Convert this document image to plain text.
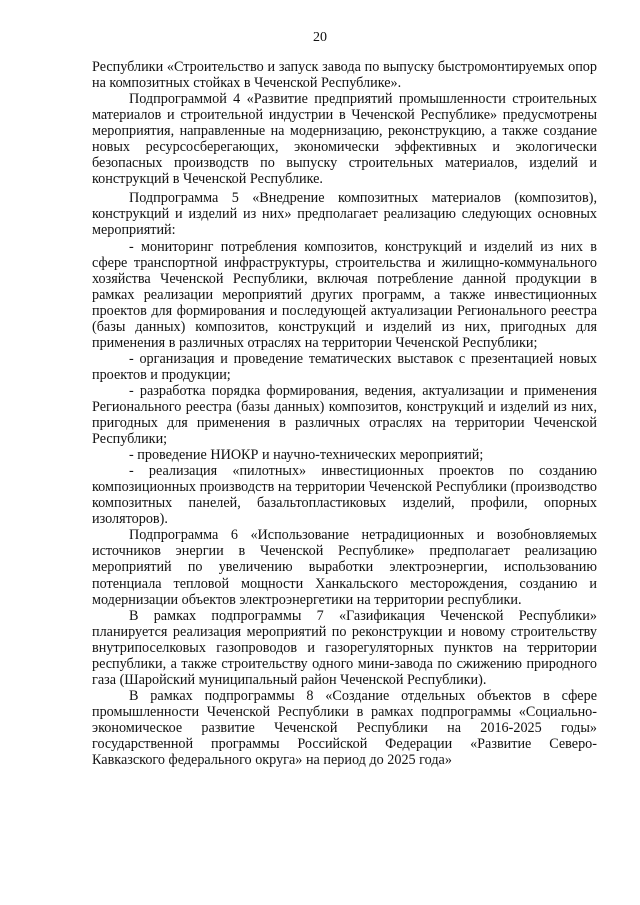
20

Республики «Строительство и запуск завода по выпуску быстромонтируемых опор на композитных стойках в Чеченской Республике».

Подпрограммой 4 «Развитие предприятий промышленности строительных материалов и строительной индустрии в Чеченской Республике» предусмотрены мероприятия, направленные на модернизацию, реконструкцию, а также создание новых ресурсосберегающих, экономически эффективных и экологически безопасных производств по выпуску строительных материалов, изделий и конструкций в Чеченской Республике.

Подпрограмма 5 «Внедрение композитных материалов (композитов), конструкций и изделий из них» предполагает реализацию следующих основных мероприятий:

- мониторинг потребления композитов, конструкций и изделий из них в сфере транспортной инфраструктуры, строительства и жилищно-коммунального хозяйства Чеченской Республики, включая потребление данной продукции в рамках реализации мероприятий других программ, а также инвестиционных проектов для формирования и последующей актуализации Регионального реестра (базы данных) композитов, конструкций и изделий из них, пригодных для применения в различных отраслях на территории Чеченской Республики;

- организация и проведение тематических выставок с презентацией новых проектов и продукции;

- разработка порядка формирования, ведения, актуализации и применения Регионального реестра (базы данных) композитов, конструкций и изделий из них, пригодных для применения в различных отраслях на территории Чеченской Республики;

- проведение НИОКР и научно-технических мероприятий;

- реализация «пилотных» инвестиционных проектов по созданию композиционных производств на территории Чеченской Республики (производство композитных панелей, базальтопластиковых изделий, профили, опорных изоляторов).

Подпрограмма 6 «Использование нетрадиционных и возобновляемых источников энергии в Чеченской Республике» предполагает реализацию мероприятий по увеличению выработки электроэнергии, использованию потенциала тепловой мощности Ханкальского месторождения, созданию и модернизации объектов электроэнергетики на территории республики.

В рамках подпрограммы 7 «Газификация Чеченской Республики» планируется реализация мероприятий по реконструкции и новому строительству внутрипоселковых газопроводов и газорегуляторных пунктов на территории республики, а также строительству одного мини-завода по сжижению природного газа (Шаройский муниципальный район Чеченской Республики).

В рамках подпрограммы 8 «Создание отдельных объектов в сфере промышленности Чеченской Республики в рамках подпрограммы «Социально-экономическое развитие Чеченской Республики на 2016-2025 годы» государственной программы Российской Федерации «Развитие Северо-Кавказского федерального округа» на период до 2025 года»
